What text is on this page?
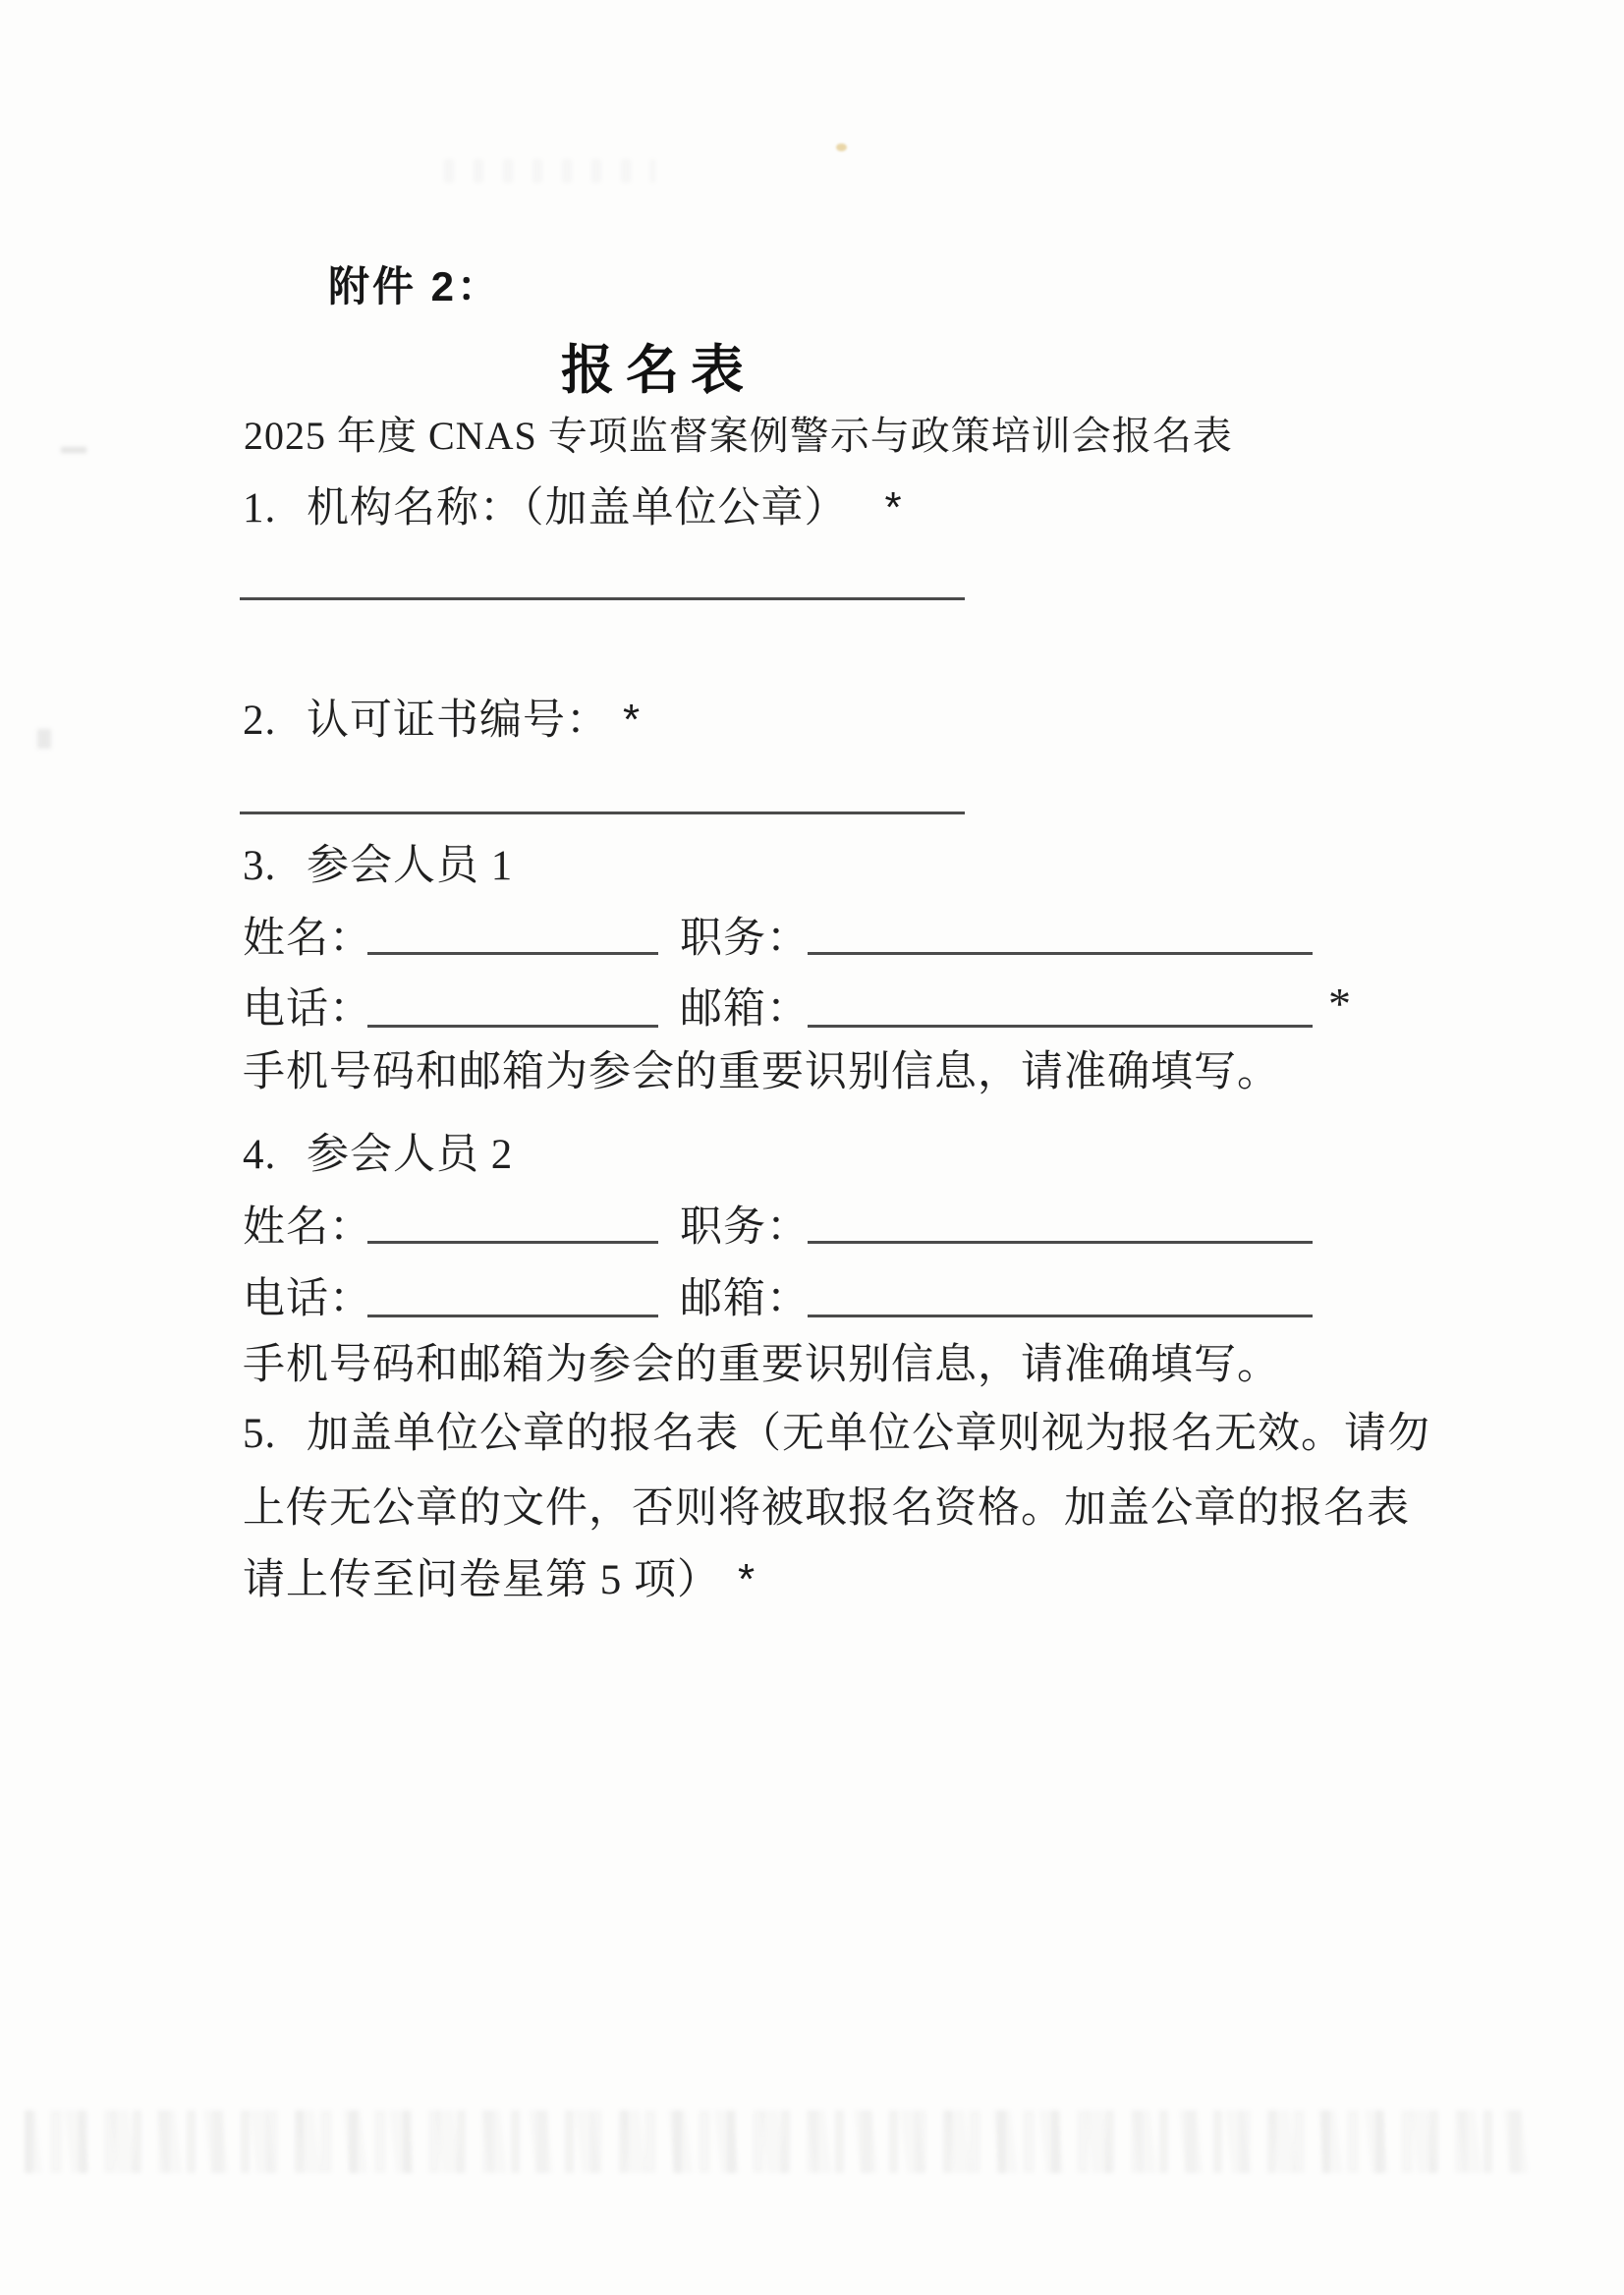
附件 2：
报名表
2025 年度 CNAS 专项监督案例警示与政策培训会报名表
1. 机构名称：（加盖单位公章） *
2. 认可证书编号： *
3. 参会人员 1
姓名：	职务：
电话：	邮箱：	*
手机号码和邮箱为参会的重要识别信息，请准确填写。
4. 参会人员 2
姓名：	职务：
电话：	邮箱：
手机号码和邮箱为参会的重要识别信息，请准确填写。
5. 加盖单位公章的报名表（无单位公章则视为报名无效。请勿
上传无公章的文件，否则将被取报名资格。加盖公章的报名表
请上传至问卷星第 5 项） *
